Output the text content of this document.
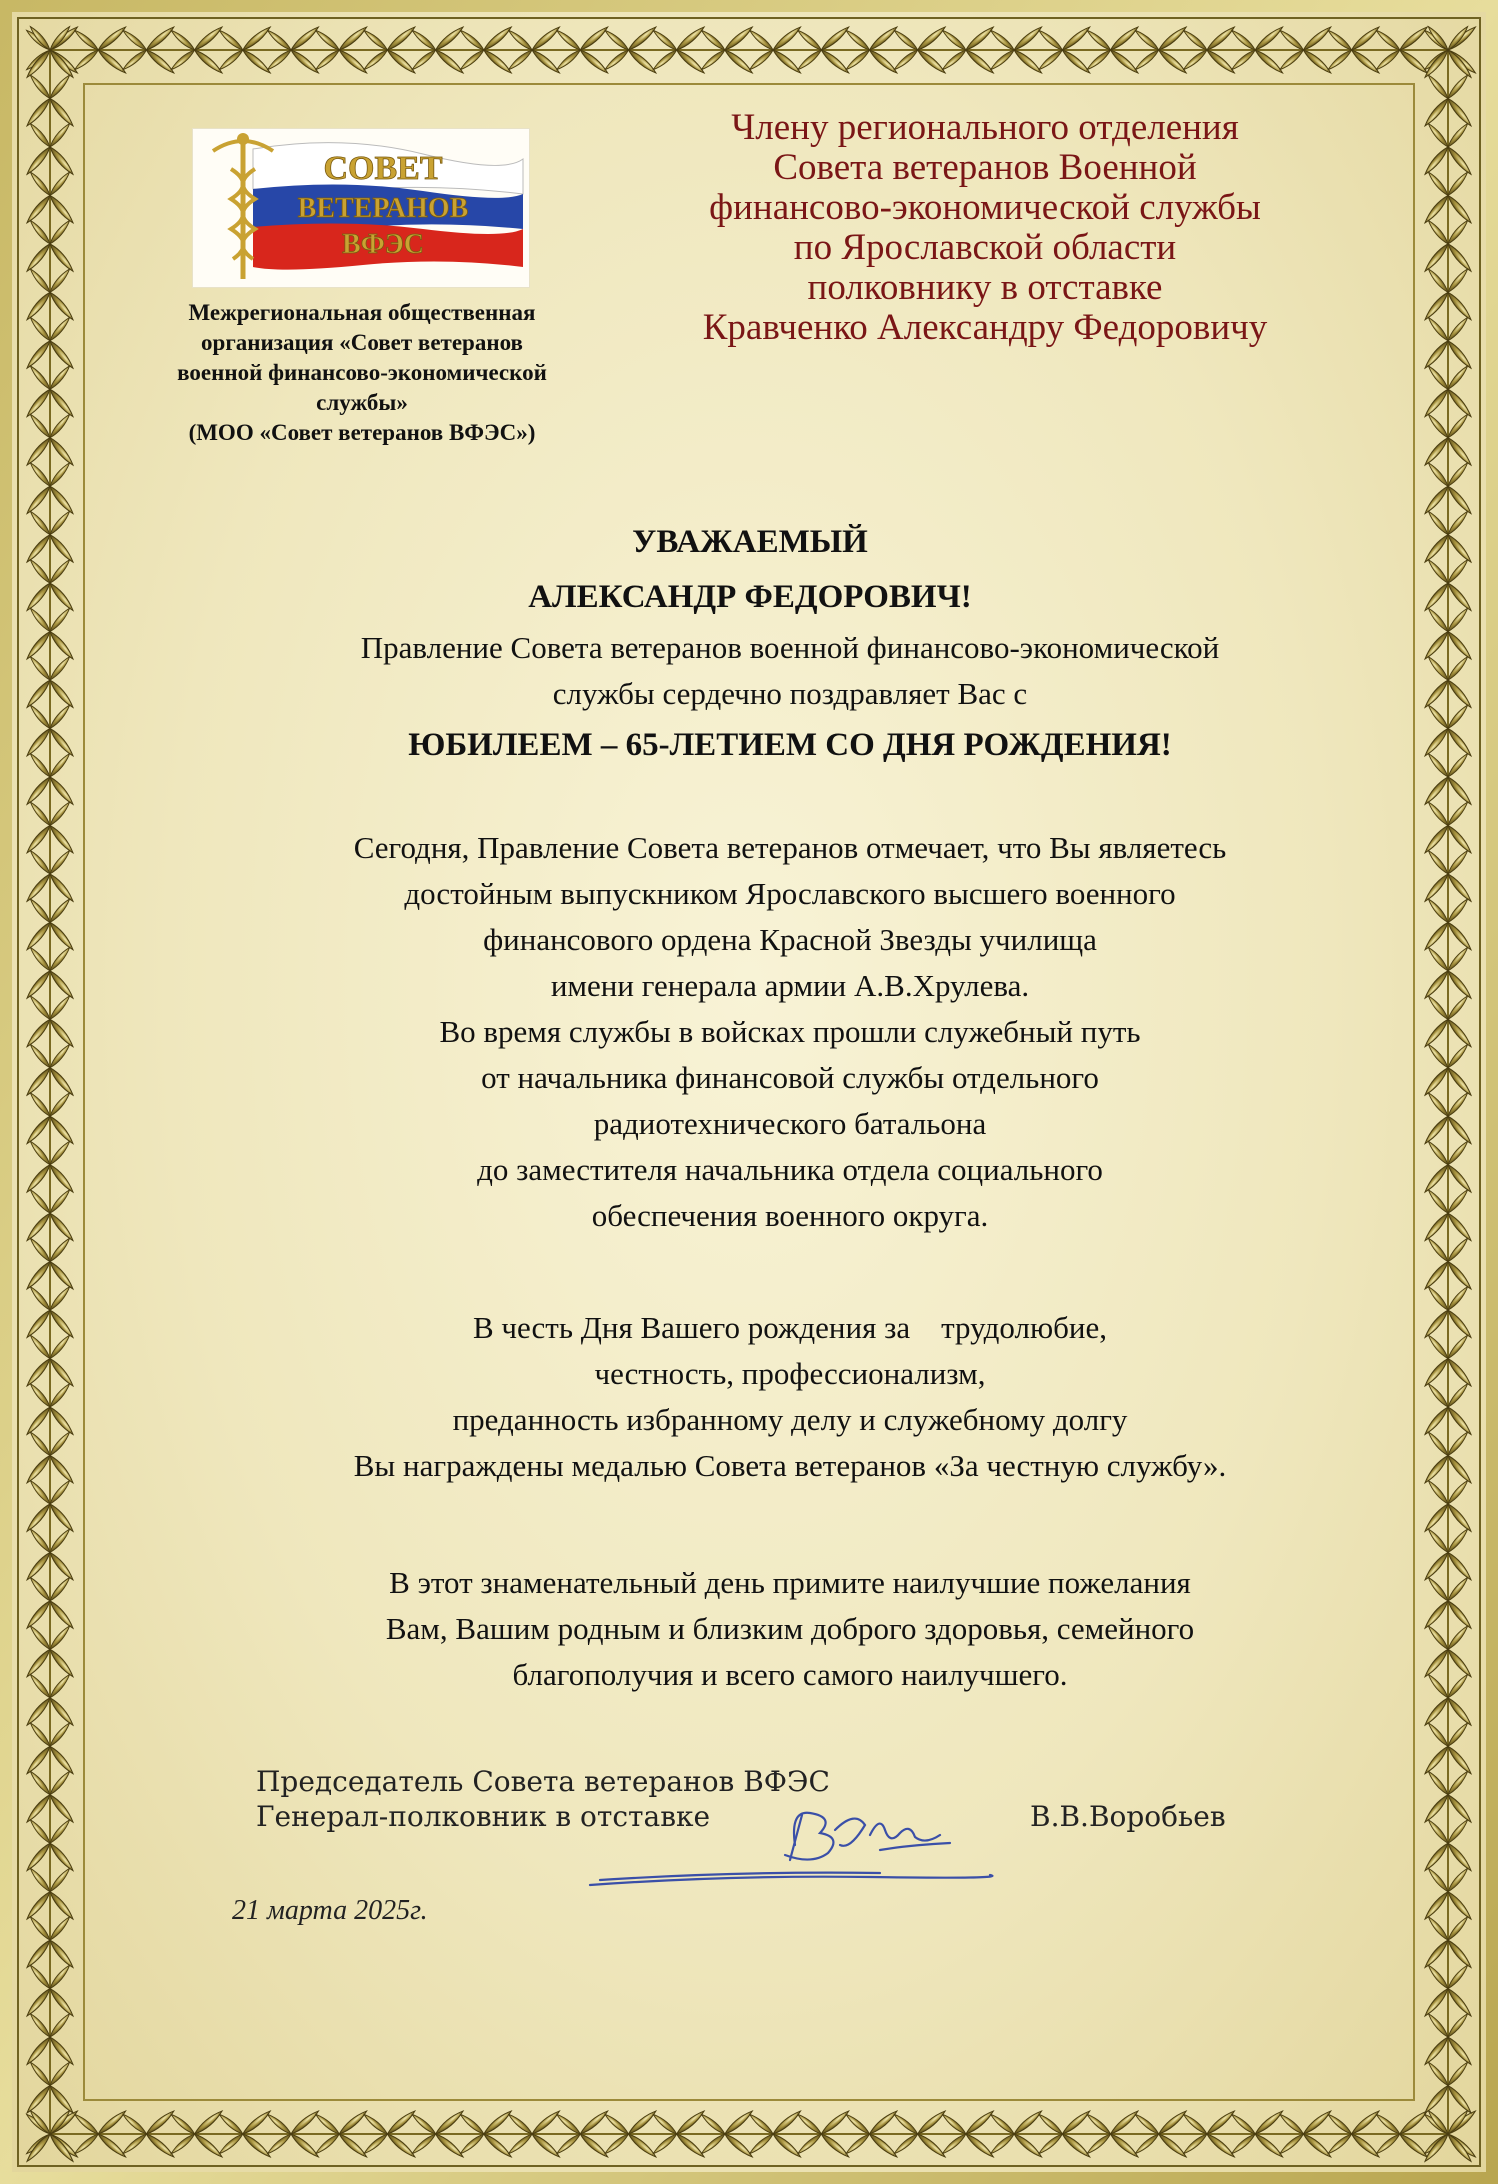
СОВЕТ
ВЕТЕРАНОВ
ВФЭС
Межрегиональная общественная
организация «Совет ветеранов
военной финансово-экономической
службы»
(МОО «Совет ветеранов ВФЭС»)
Члену регионального отделения
Совета ветеранов Военной
финансово-экономической службы
по Ярославской области
полковнику в отставке
Кравченко Александру Федоровичу
УВАЖАЕМЫЙ
АЛЕКСАНДР ФЕДОРОВИЧ!
Правление Совета ветеранов военной финансово-экономической
службы сердечно поздравляет Вас с
ЮБИЛЕЕМ – 65-ЛЕТИЕМ СО ДНЯ РОЖДЕНИЯ!
Сегодня, Правление Совета ветеранов отмечает, что Вы являетесь
достойным выпускником Ярославского высшего военного
финансового ордена Красной Звезды училища
имени генерала армии А.В.Хрулева.
Во время службы в войсках прошли служебный путь
от начальника финансовой службы отдельного
радиотехнического батальона
до заместителя начальника отдела социального
обеспечения военного округа.
В честь Дня Вашего рождения за    трудолюбие,
честность, профессионализм,
преданность избранному делу и служебному долгу
Вы награждены медалью Совета ветеранов «За честную службу».
В этот знаменательный день примите наилучшие пожелания
Вам, Вашим родным и близким доброго здоровья, семейного
благополучия и всего самого наилучшего.
Председатель Совета ветеранов ВФЭС
Генерал-полковник в отставке	В.В.Воробьев
21 марта 2025г.
